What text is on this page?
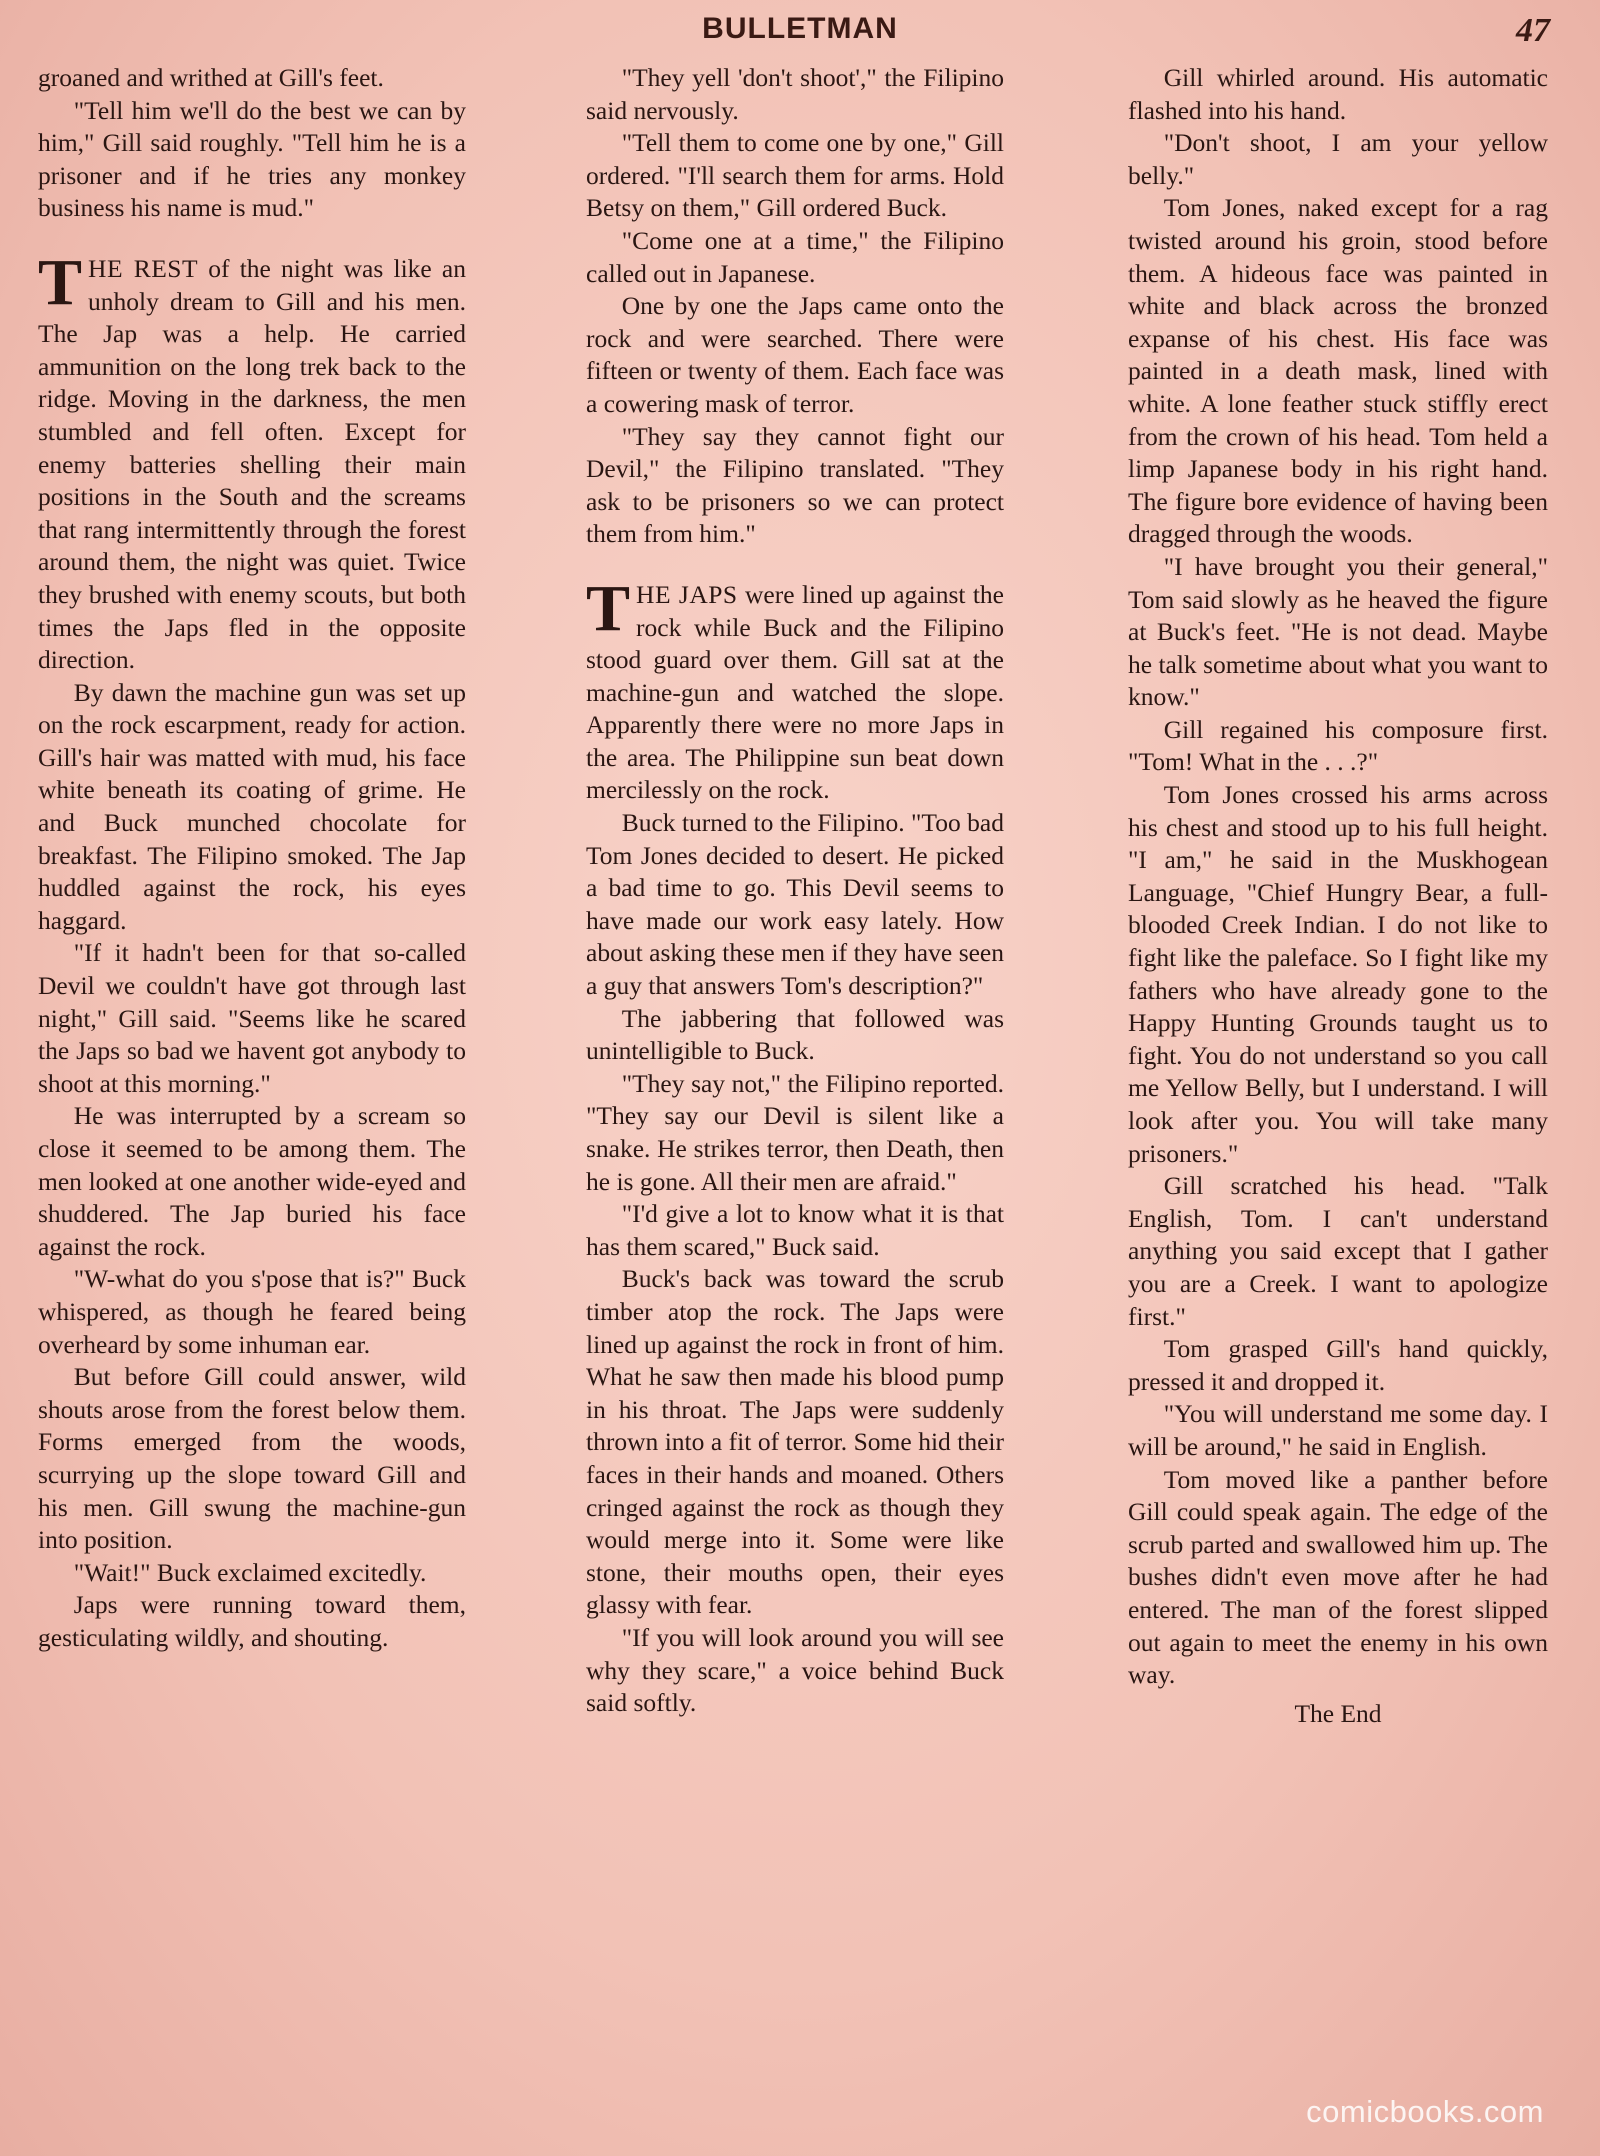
BULLETMAN	47

groaned and writhed at Gill's feet.

"Tell him we'll do the best we can by him," Gill said roughly. "Tell him he is a prisoner and if he tries any monkey business his name is mud."

THE REST of the night was like an unholy dream to Gill and his men. The Jap was a help. He carried ammunition on the long trek back to the ridge. Moving in the darkness, the men stumbled and fell often. Except for enemy batteries shelling their main positions in the South and the screams that rang intermittently through the forest around them, the night was quiet. Twice they brushed with enemy scouts, but both times the Japs fled in the opposite direction.

By dawn the machine gun was set up on the rock escarpment, ready for action. Gill's hair was matted with mud, his face white beneath its coating of grime. He and Buck munched chocolate for breakfast. The Filipino smoked. The Jap huddled against the rock, his eyes haggard.

"If it hadn't been for that so-called Devil we couldn't have got through last night," Gill said. "Seems like he scared the Japs so bad we havent got anybody to shoot at this morning."

He was interrupted by a scream so close it seemed to be among them. The men looked at one another wide-eyed and shuddered. The Jap buried his face against the rock.

"W-what do you s'pose that is?" Buck whispered, as though he feared being overheard by some inhuman ear.

But before Gill could answer, wild shouts arose from the forest below them. Forms emerged from the woods, scurrying up the slope toward Gill and his men. Gill swung the machine-gun into position.

"Wait!" Buck exclaimed excitedly.

Japs were running toward them, gesticulating wildly, and shouting.

"They yell 'don't shoot'," the Filipino said nervously.

"Tell them to come one by one," Gill ordered. "I'll search them for arms. Hold Betsy on them," Gill ordered Buck.

"Come one at a time," the Filipino called out in Japanese.

One by one the Japs came onto the rock and were searched. There were fifteen or twenty of them. Each face was a cowering mask of terror.

"They say they cannot fight our Devil," the Filipino translated. "They ask to be prisoners so we can protect them from him."

THE JAPS were lined up against the rock while Buck and the Filipino stood guard over them. Gill sat at the machine-gun and watched the slope. Apparently there were no more Japs in the area. The Philippine sun beat down mercilessly on the rock.

Buck turned to the Filipino. "Too bad Tom Jones decided to desert. He picked a bad time to go. This Devil seems to have made our work easy lately. How about asking these men if they have seen a guy that answers Tom's description?"

The jabbering that followed was unintelligible to Buck.

"They say not," the Filipino reported. "They say our Devil is silent like a snake. He strikes terror, then Death, then he is gone. All their men are afraid."

"I'd give a lot to know what it is that has them scared," Buck said.

Buck's back was toward the scrub timber atop the rock. The Japs were lined up against the rock in front of him. What he saw then made his blood pump in his throat. The Japs were suddenly thrown into a fit of terror. Some hid their faces in their hands and moaned. Others cringed against the rock as though they would merge into it. Some were like stone, their mouths open, their eyes glassy with fear.

"If you will look around you will see why they scare," a voice behind Buck said softly.

Gill whirled around. His automatic flashed into his hand.

"Don't shoot, I am your yellow belly."

Tom Jones, naked except for a rag twisted around his groin, stood before them. A hideous face was painted in white and black across the bronzed expanse of his chest. His face was painted in a death mask, lined with white. A lone feather stuck stiffly erect from the crown of his head. Tom held a limp Japanese body in his right hand. The figure bore evidence of having been dragged through the woods.

"I have brought you their general," Tom said slowly as he heaved the figure at Buck's feet. "He is not dead. Maybe he talk sometime about what you want to know."

Gill regained his composure first. "Tom! What in the . . .?"

Tom Jones crossed his arms across his chest and stood up to his full height. "I am," he said in the Muskhogean Language, "Chief Hungry Bear, a full-blooded Creek Indian. I do not like to fight like the paleface. So I fight like my fathers who have already gone to the Happy Hunting Grounds taught us to fight. You do not understand so you call me Yellow Belly, but I understand. I will look after you. You will take many prisoners."

Gill scratched his head. "Talk English, Tom. I can't understand anything you said except that I gather you are a Creek. I want to apologize first."

Tom grasped Gill's hand quickly, pressed it and dropped it.

"You will understand me some day. I will be around," he said in English.

Tom moved like a panther before Gill could speak again. The edge of the scrub parted and swallowed him up. The bushes didn't even move after he had entered. The man of the forest slipped out again to meet the enemy in his own way.

The End

comicbooks.com
